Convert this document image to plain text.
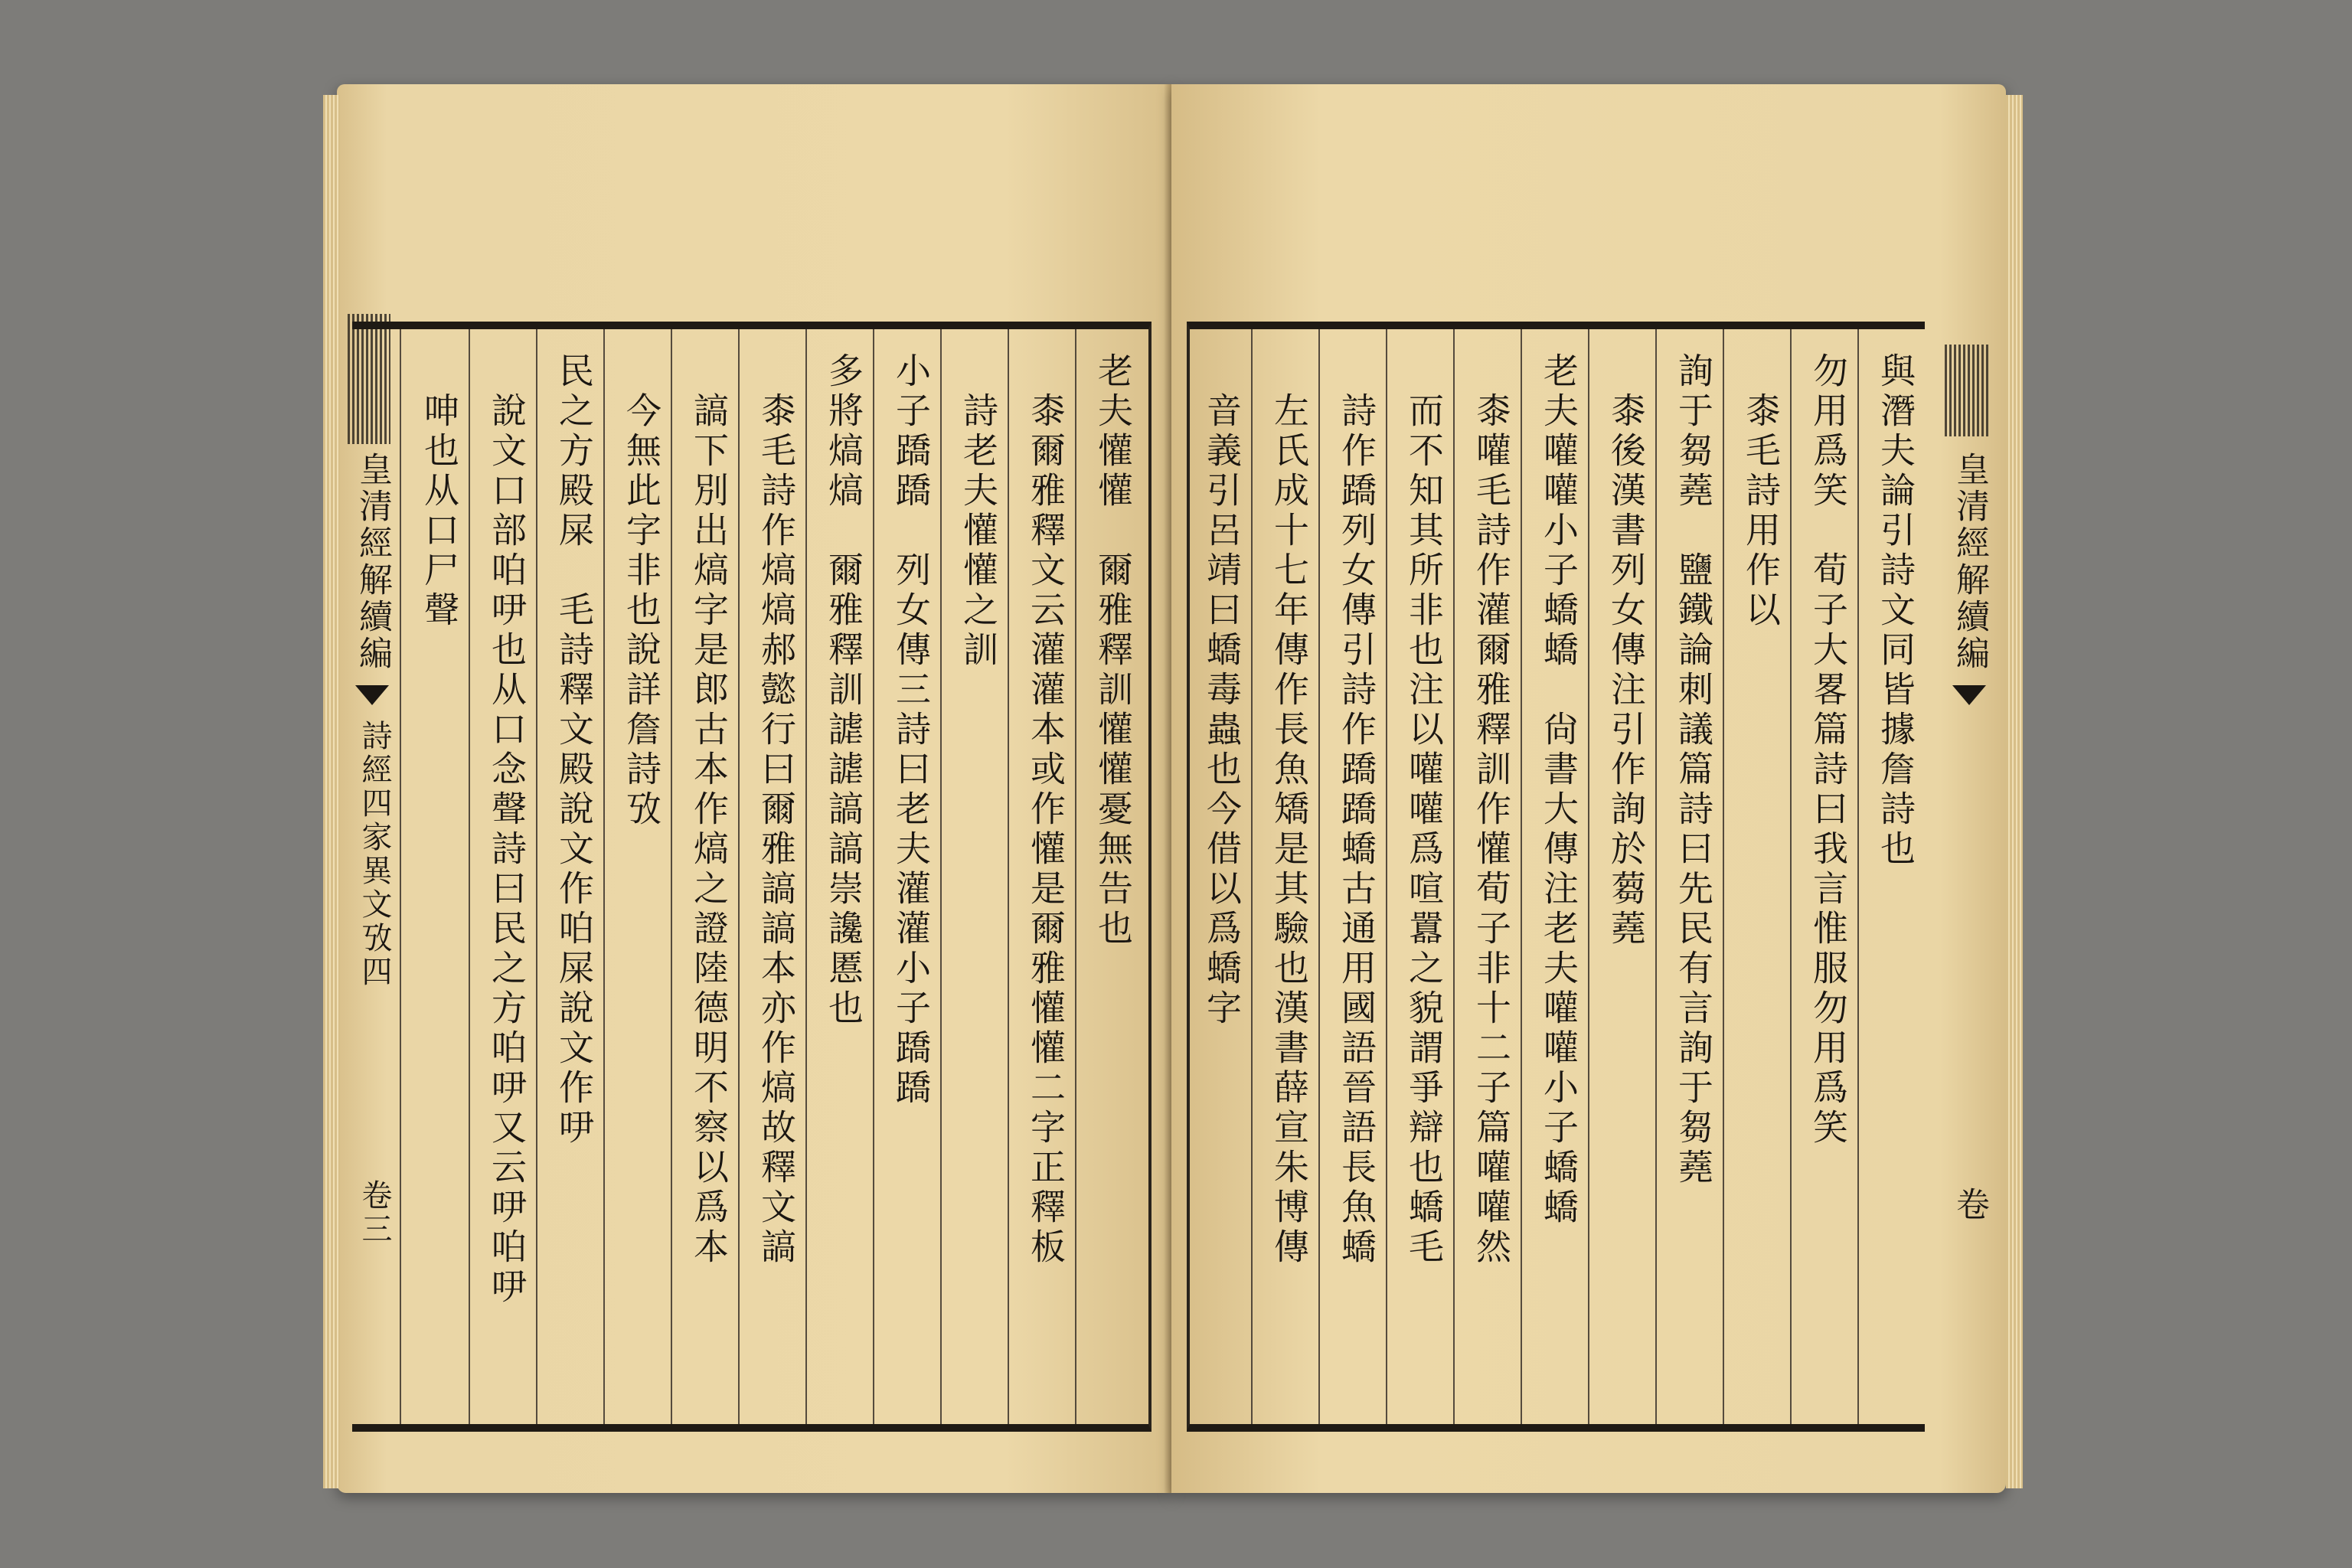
皇清經解續編
詩經四家異文攷四
卷三
老夫懽懽　爾雅釋訓懽懽憂無告也
　桼爾雅釋文云灌灌本或作懽是爾雅懽懽二字正釋板
　詩老夫懽懽之訓
小子蹻蹻　列女傳三詩曰老夫灌灌小子蹻蹻
多將熇熇　爾雅釋訓謔謔謞謞崇讒慝也
　桼毛詩作熇熇郝懿行曰爾雅謞謞本亦作熇故釋文謞
　謞下別出熇字是郎古本作熇之證陸德明不察以爲本
　今無此字非也說詳詹詩攷
民之方殿屎　毛詩釋文殿說文作㕷屎說文作吚
　說文口部㕷吚也从口念聲詩曰民之方㕷吚又云吚㕷吚
　呻也从口尸聲	皇清經解續編
卷
與潛夫論引詩文同皆據詹詩也
勿用爲笑　荀子大畧篇詩曰我言惟服勿用爲笑
　桼毛詩用作以
詢于芻蕘　鹽鐵論刺議篇詩曰先民有言詢于芻蕘
　桼後漢書列女傳注引作詢於蒭蕘
老夫嚾嚾小子蟜蟜　尙書大傳注老夫嚾嚾小子蟜蟜
　桼嚾毛詩作灌爾雅釋訓作懽荀子非十二子篇嚾嚾然
　而不知其所非也注以嚾嚾爲喧囂之貌謂爭辯也蟜毛
　詩作蹻列女傳引詩作蹻蹻蟜古通用國語晉語長魚蟜
　左氏成十七年傳作長魚矯是其驗也漢書薛宣朱博傳
　音義引呂靖曰蟜毒蟲也今借以爲蟜字
